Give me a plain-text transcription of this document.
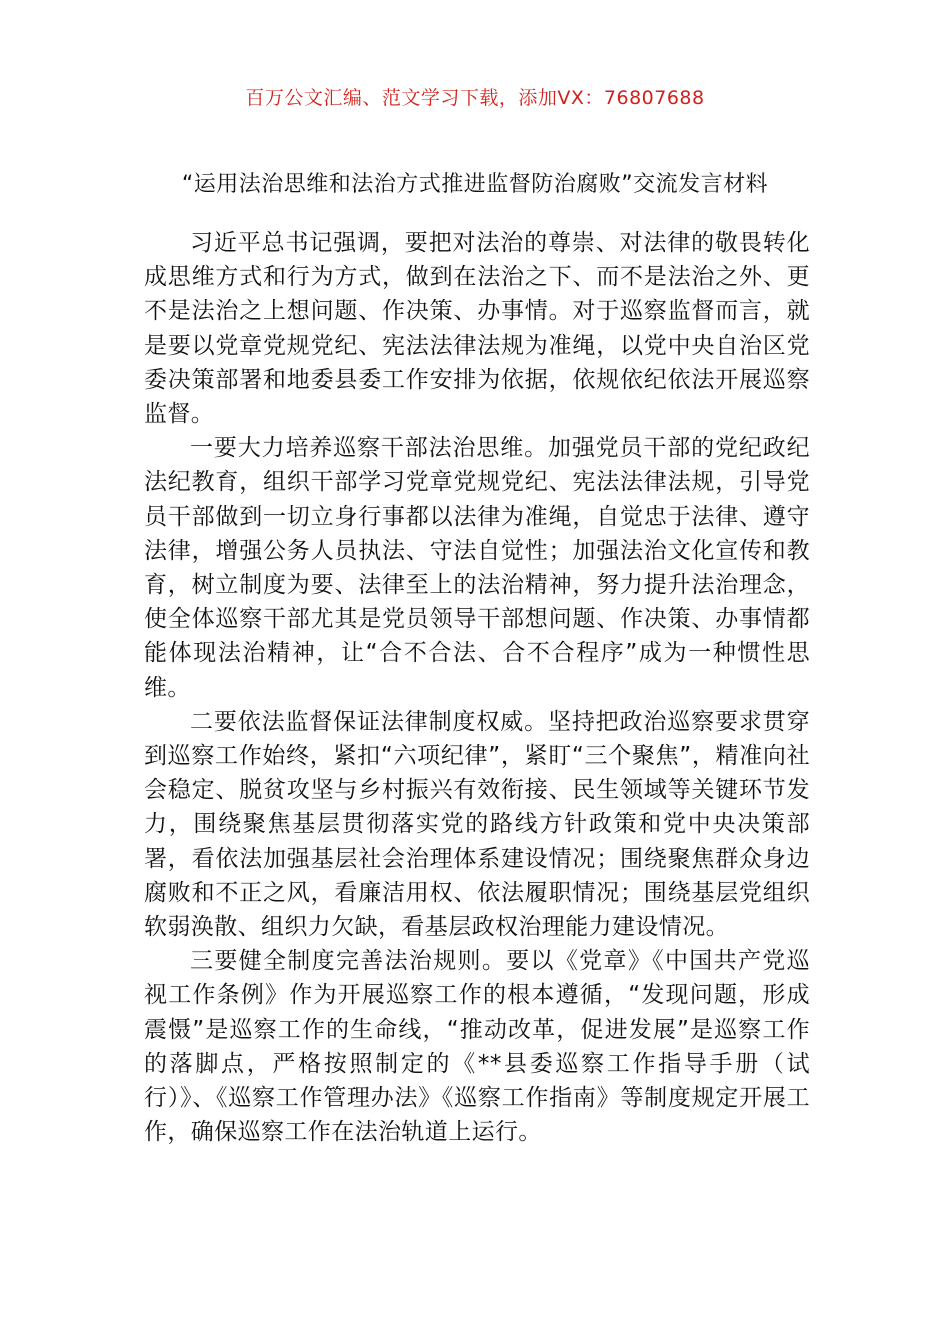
百万公文汇编、范文学习下载，添加VX：76807688
“运用法治思维和法治方式推进监督防治腐败”交流发言材料

习近平总书记强调，要把对法治的尊崇、对法律的敬畏转化成思维方式和行为方式，做到在法治之下、而不是法治之外、更不是法治之上想问题、作决策、办事情。对于巡察监督而言，就是要以党章党规党纪、宪法法律法规为准绳，以党中央自治区党委决策部署和地委县委工作安排为依据，依规依纪依法开展巡察监督。

一要大力培养巡察干部法治思维。加强党员干部的党纪政纪法纪教育，组织干部学习党章党规党纪、宪法法律法规，引导党员干部做到一切立身行事都以法律为准绳，自觉忠于法律、遵守法律，增强公务人员执法、守法自觉性；加强法治文化宣传和教育，树立制度为要、法律至上的法治精神，努力提升法治理念，使全体巡察干部尤其是党员领导干部想问题、作决策、办事情都能体现法治精神，让“合不合法、合不合程序”成为一种惯性思维。

二要依法监督保证法律制度权威。坚持把政治巡察要求贯穿到巡察工作始终，紧扣“六项纪律”，紧盯“三个聚焦”，精准向社会稳定、脱贫攻坚与乡村振兴有效衔接、民生领域等关键环节发力，围绕聚焦基层贯彻落实党的路线方针政策和党中央决策部署，看依法加强基层社会治理体系建设情况；围绕聚焦群众身边腐败和不正之风，看廉洁用权、依法履职情况；围绕基层党组织软弱涣散、组织力欠缺，看基层政权治理能力建设情况。

三要健全制度完善法治规则。要以《党章》《中国共产党巡视工作条例》作为开展巡察工作的根本遵循，“发现问题，形成震慑”是巡察工作的生命线，“推动改革，促进发展”是巡察工作的落脚点，严格按照制定的《**县委巡察工作指导手册（试行）》、《巡察工作管理办法》《巡察工作指南》等制度规定开展工作，确保巡察工作在法治轨道上运行。
